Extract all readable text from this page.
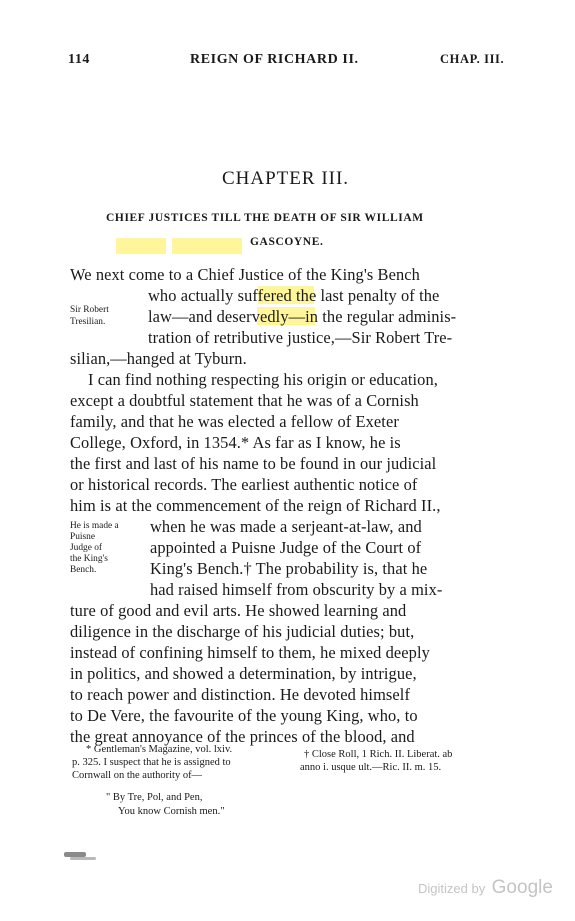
114	REIGN OF RICHARD II.	CHAP. III.
CHAPTER III.
CHIEF JUSTICES TILL THE DEATH OF SIR WILLIAM
GASCOYNE.
We next come to a Chief Justice of the King's Bench
who actually suffered the last penalty of the
law—and deservedly—in the regular adminis-
tration of retributive justice,—Sir Robert Tre-
silian,—hanged at Tyburn.
I can find nothing respecting his origin or education,
except a doubtful statement that he was of a Cornish
family, and that he was elected a fellow of Exeter
College, Oxford, in 1354.* As far as I know, he is
the first and last of his name to be found in our judicial
or historical records. The earliest authentic notice of
him is at the commencement of the reign of Richard II.,
when he was made a serjeant-at-law, and
appointed a Puisne Judge of the Court of
King's Bench.† The probability is, that he
had raised himself from obscurity by a mix-
ture of good and evil arts. He showed learning and
diligence in the discharge of his judicial duties; but,
instead of confining himself to them, he mixed deeply
in politics, and showed a determination, by intrigue,
to reach power and distinction. He devoted himself
to De Vere, the favourite of the young King, who, to
the great annoyance of the princes of the blood, and
Sir Robert
Tresilian.
He is made a
Puisne
Judge of
the King's
Bench.
* Gentleman's Magazine, vol. lxiv.
p. 325. I suspect that he is assigned to
Cornwall on the authority of—
" By Tre, Pol, and Pen,
You know Cornish men."
† Close Roll, 1 Rich. II. Liberat. ab
anno i. usque ult.—Ric. II. m. 15.
Digitized by Google
